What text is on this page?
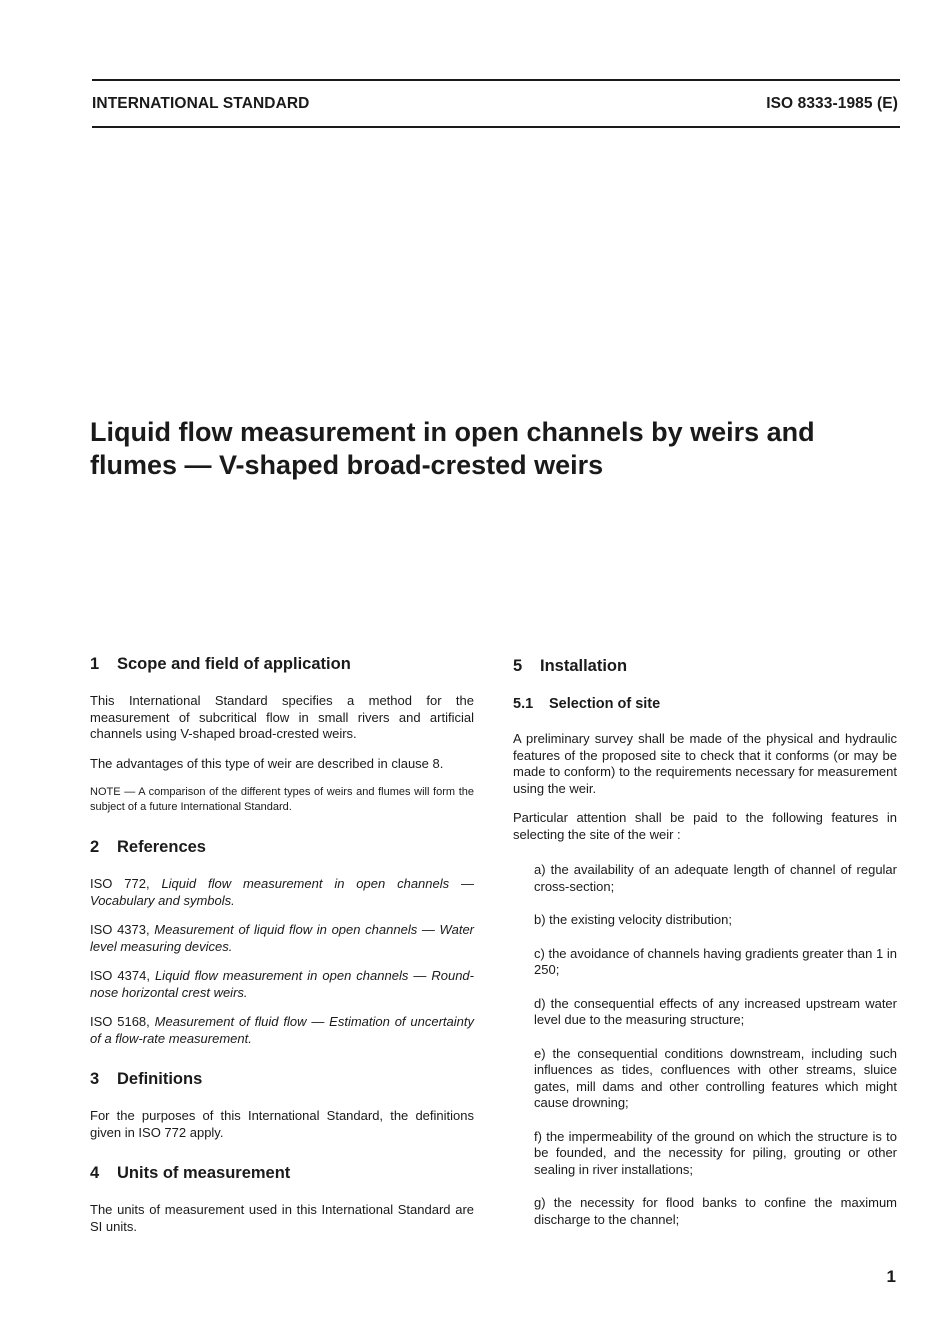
INTERNATIONAL STANDARD	ISO 8333-1985 (E)
Liquid flow measurement in open channels by weirs and
flumes — V-shaped broad-crested weirs
1 Scope and field of application

This International Standard specifies a method for the measurement of subcritical flow in small rivers and artificial channels using V-shaped broad-crested weirs.

The advantages of this type of weir are described in clause 8.

NOTE — A comparison of the different types of weirs and flumes will form the subject of a future International Standard.

2 References

ISO 772, Liquid flow measurement in open channels — Vocabulary and symbols.

ISO 4373, Measurement of liquid flow in open channels — Water level measuring devices.

ISO 4374, Liquid flow measurement in open channels — Round-nose horizontal crest weirs.

ISO 5168, Measurement of fluid flow — Estimation of uncertainty of a flow-rate measurement.

3 Definitions

For the purposes of this International Standard, the definitions given in ISO 772 apply.

4 Units of measurement

The units of measurement used in this International Standard are SI units.

5 Installation
5.1 Selection of site

A preliminary survey shall be made of the physical and hydraulic features of the proposed site to check that it conforms (or may be made to conform) to the requirements necessary for measurement using the weir.

Particular attention shall be paid to the following features in selecting the site of the weir :

a) the availability of an adequate length of channel of regular cross-section;

b) the existing velocity distribution;

c) the avoidance of channels having gradients greater than 1 in 250;

d) the consequential effects of any increased upstream water level due to the measuring structure;

e) the consequential conditions downstream, including such influences as tides, confluences with other streams, sluice gates, mill dams and other controlling features which might cause drowning;

f) the impermeability of the ground on which the structure is to be founded, and the necessity for piling, grouting or other sealing in river installations;

g) the necessity for flood banks to confine the maximum discharge to the channel;

1
